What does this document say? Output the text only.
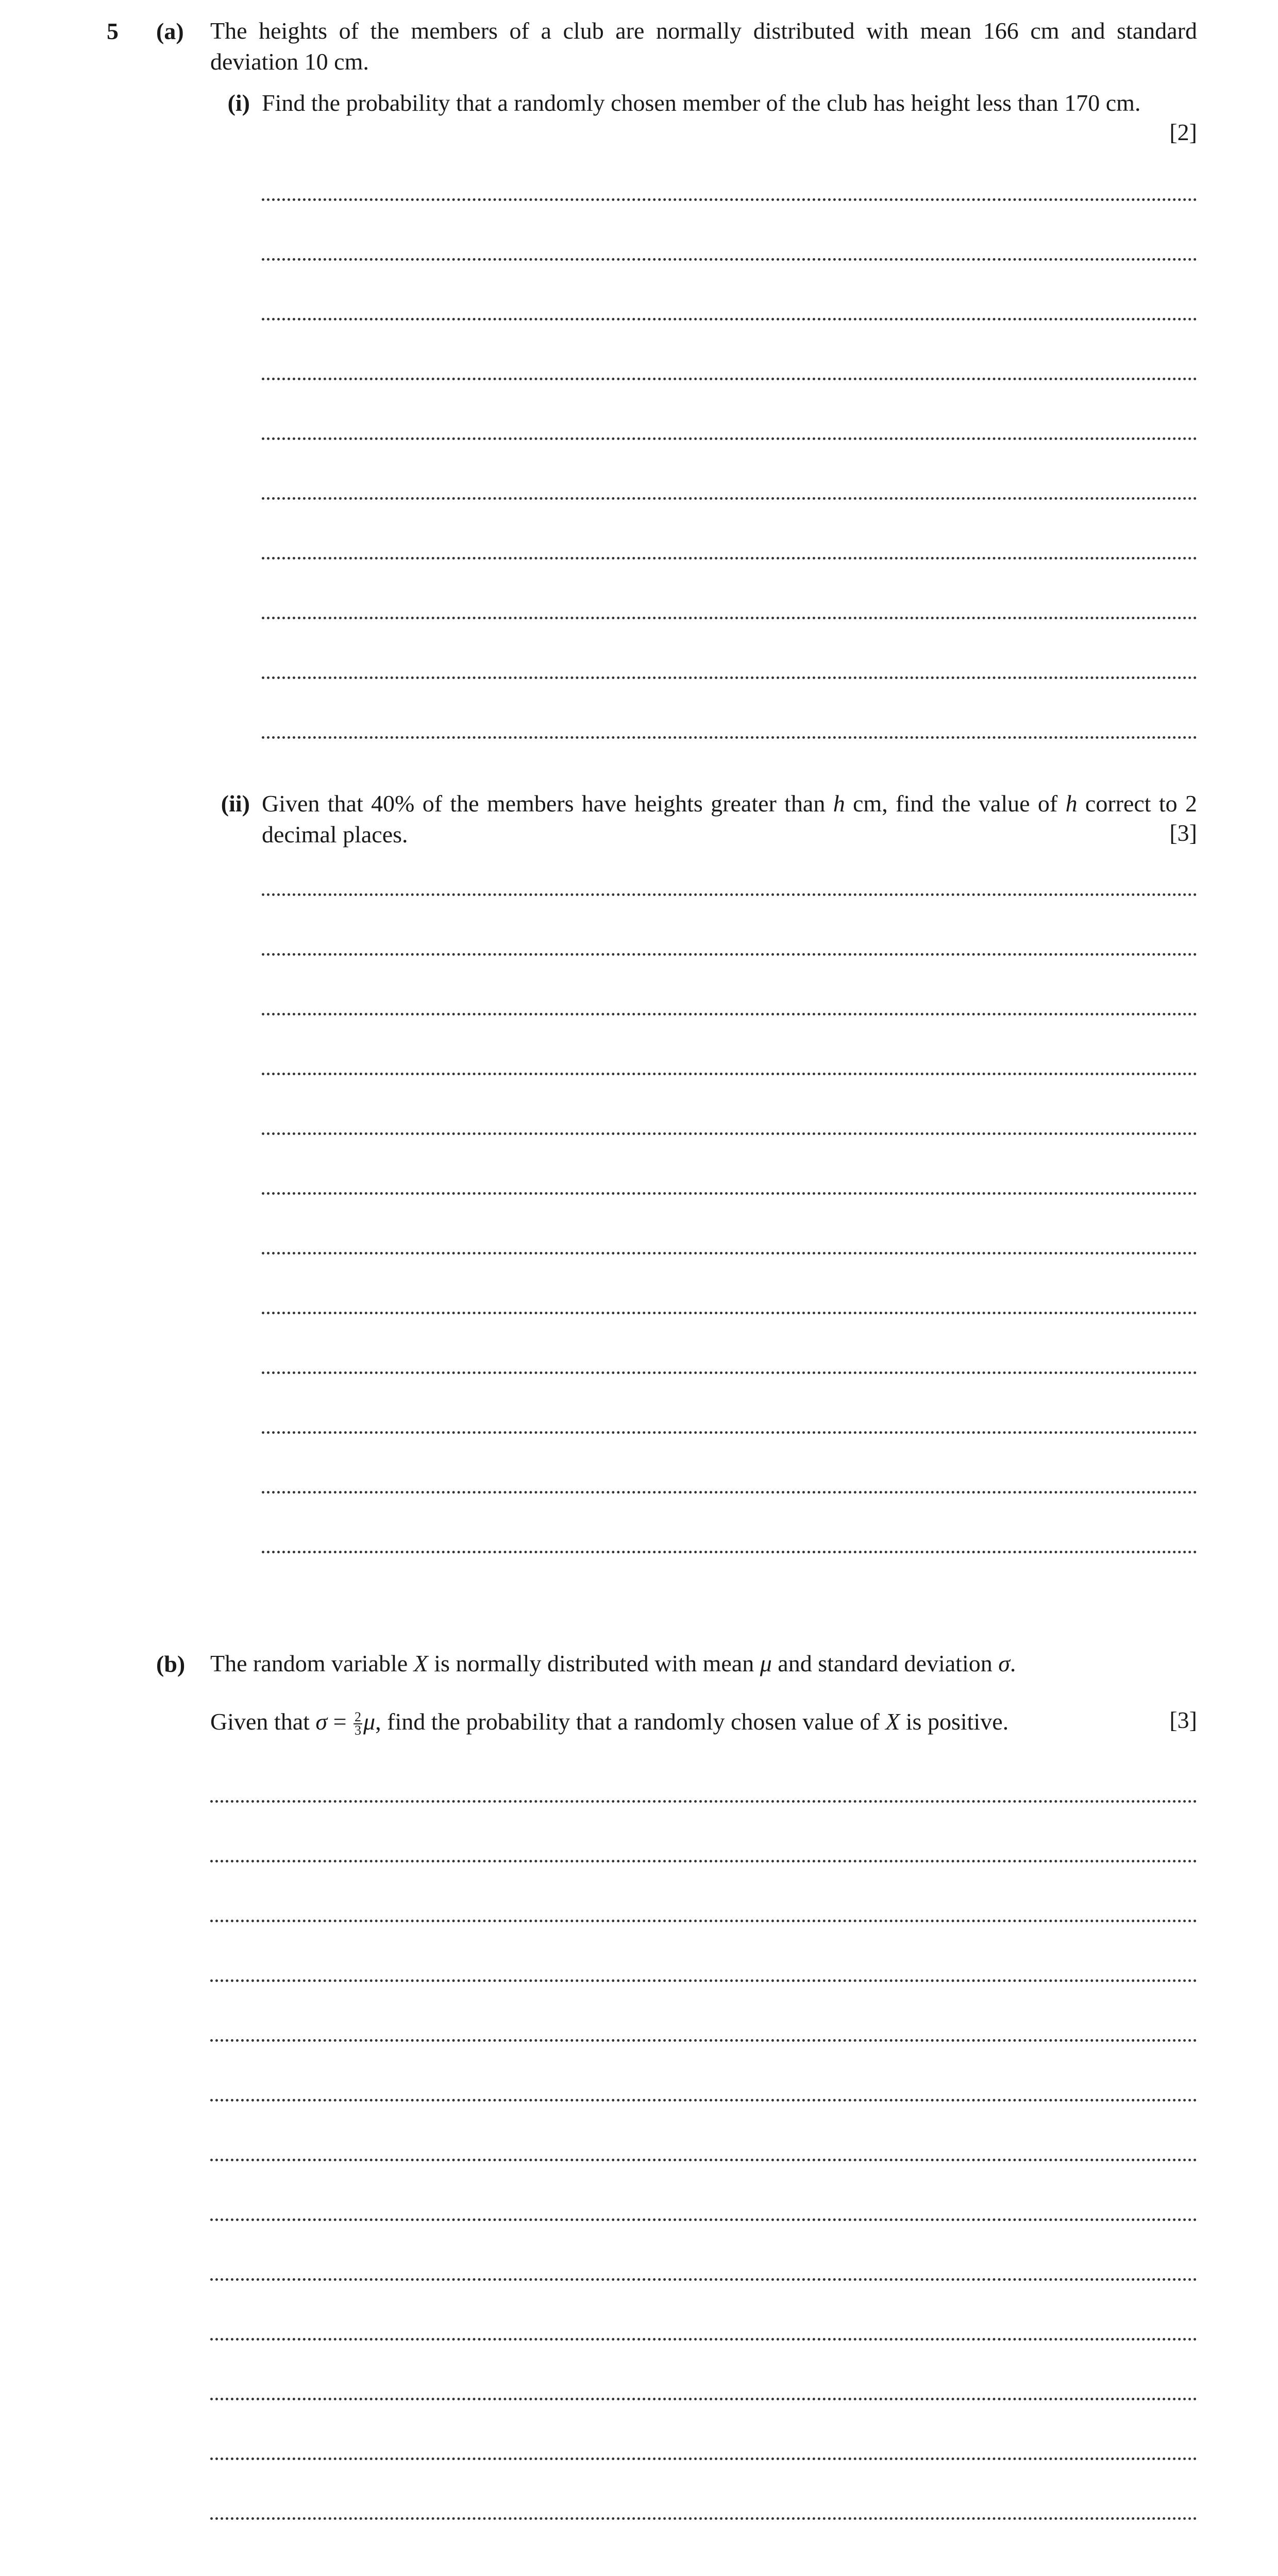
5 (a) The heights of the members of a club are normally distributed with mean 166 cm and standard deviation 10 cm.
(i) Find the probability that a randomly chosen member of the club has height less than 170 cm.
[2]
(ii) Given that 40% of the members have heights greater than h cm, find the value of h correct to 2 decimal places.	[3]
(b) The random variable X is normally distributed with mean μ and standard deviation σ.
Given that $\sigma = \frac{2}{3} \mu$, find the probability that a randomly chosen value of X is positive.	[3]
